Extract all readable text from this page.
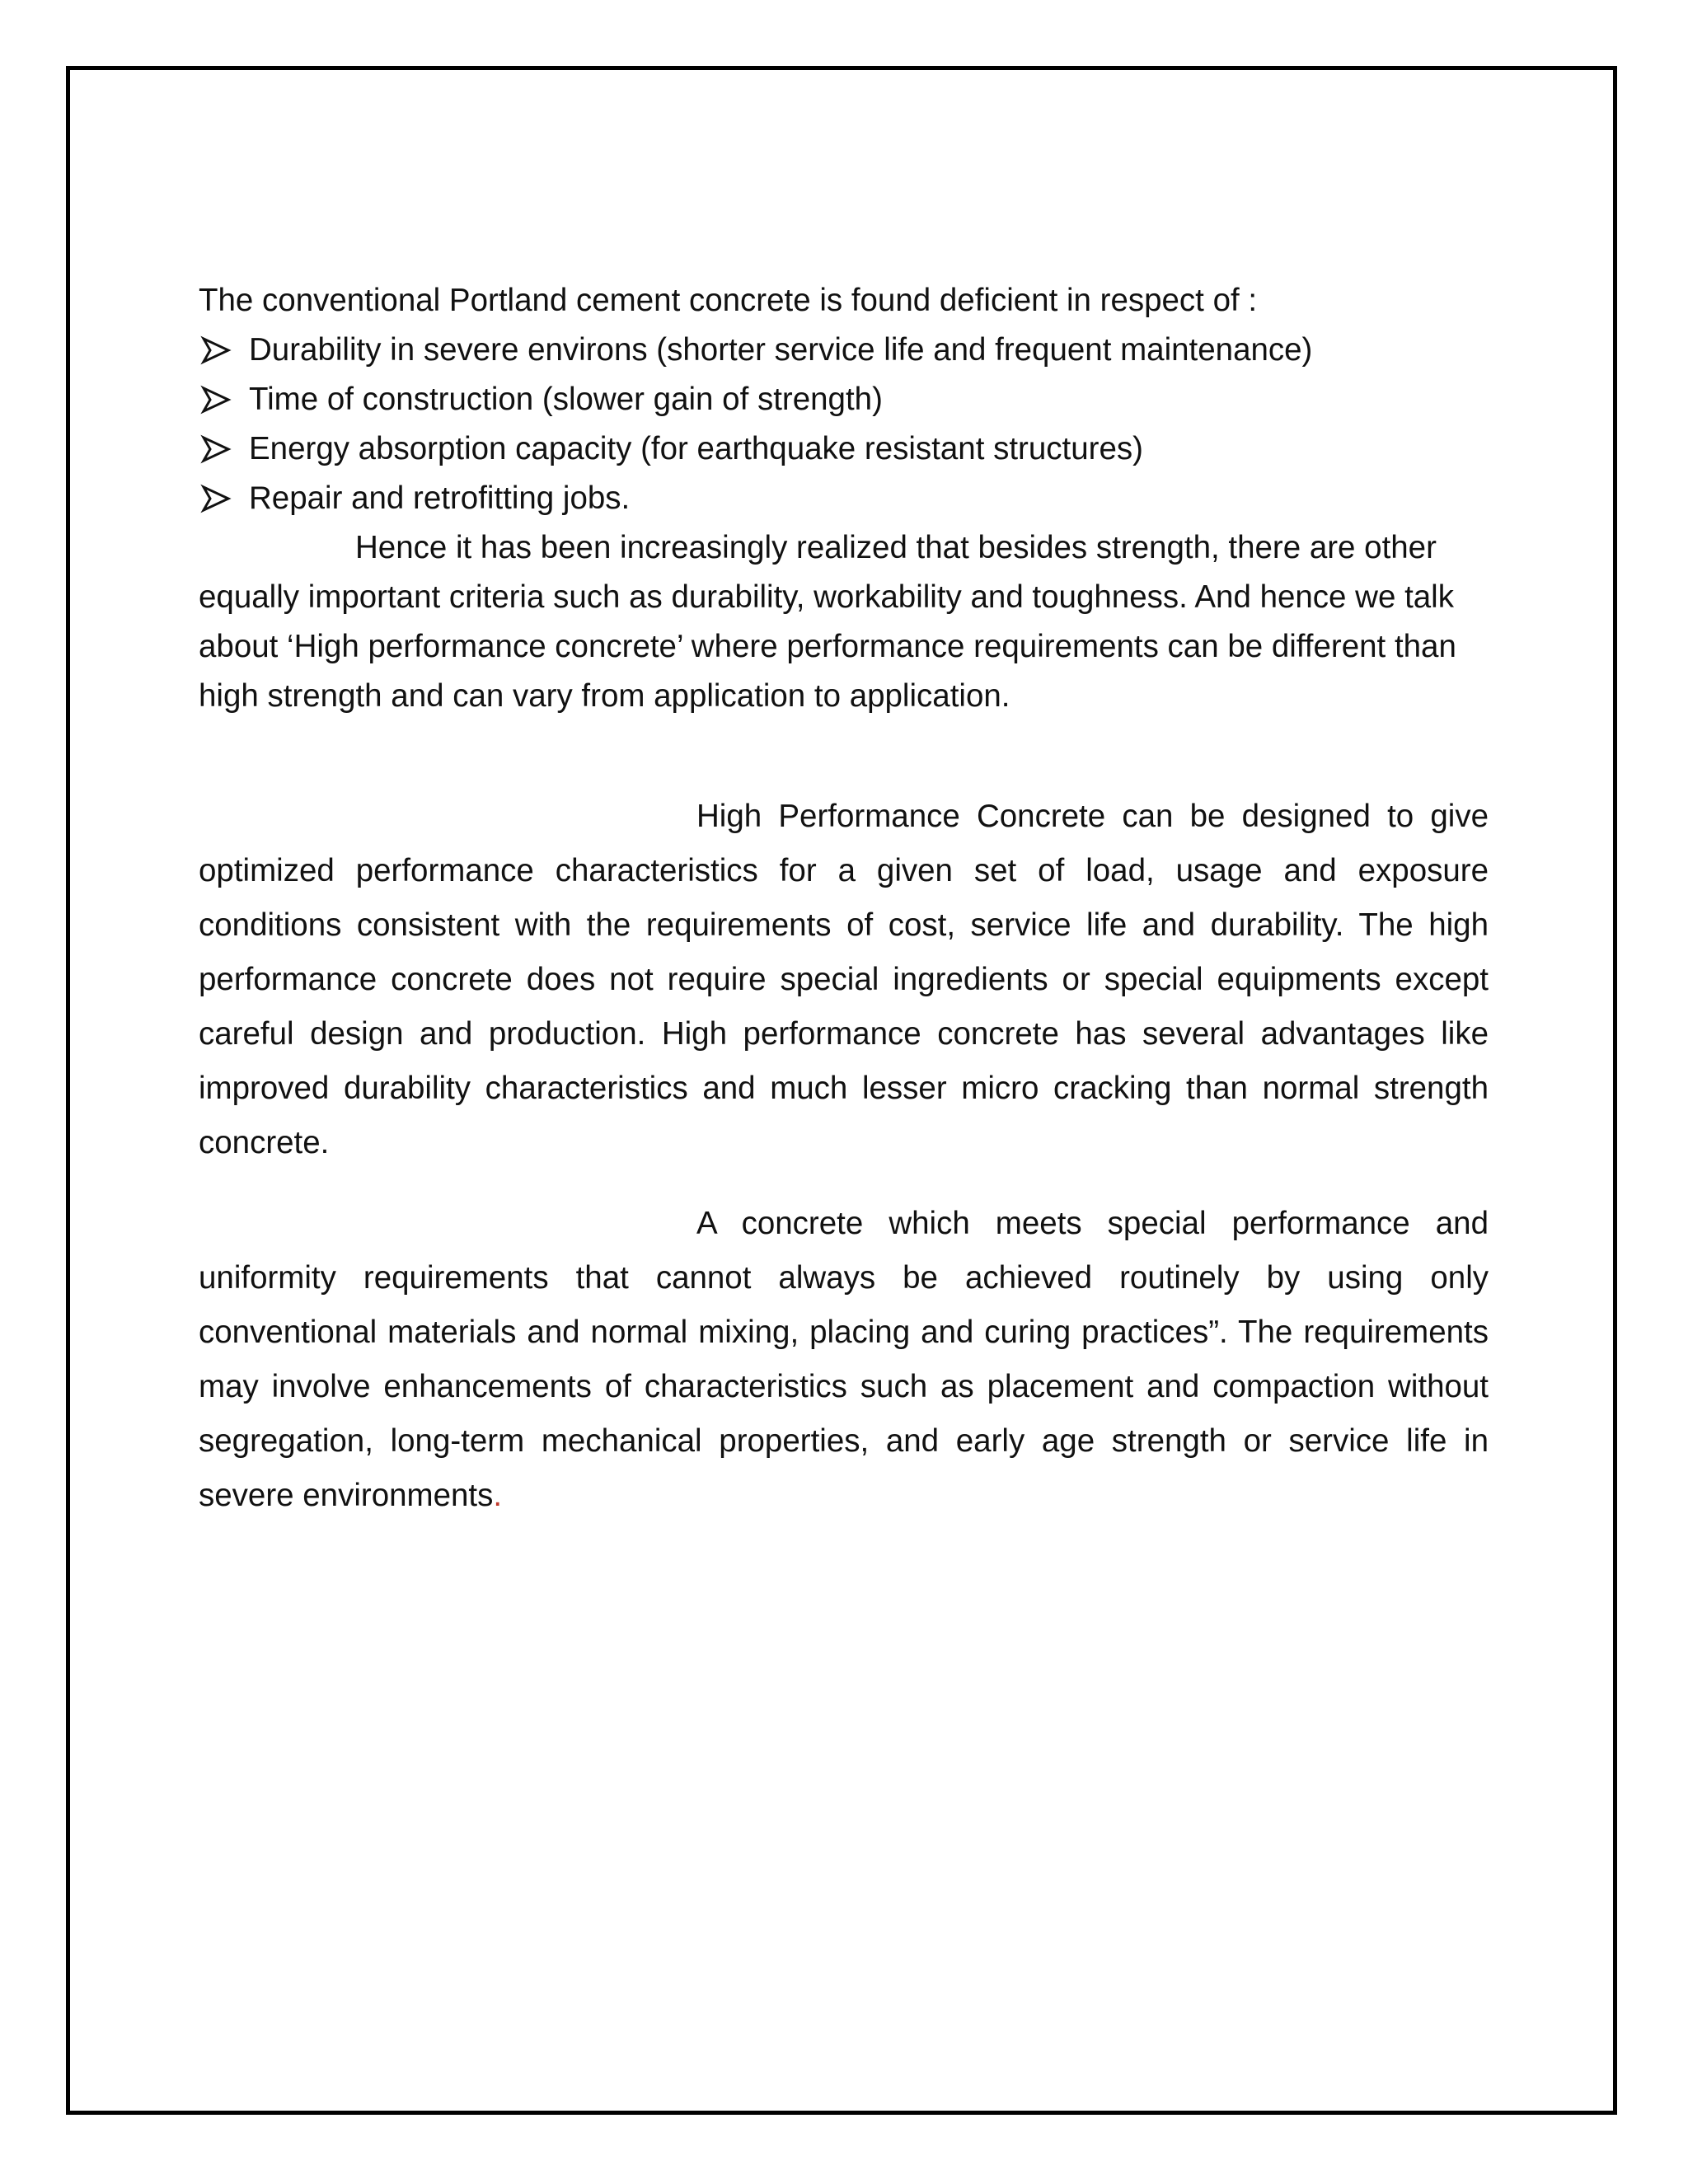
The conventional Portland cement concrete is found deficient in respect of :

Durability in severe environs (shorter service life and frequent maintenance)
Time of construction (slower gain of strength)
Energy absorption capacity (for earthquake resistant structures)
Repair and retrofitting jobs.

Hence it has been increasingly realized that besides strength, there are other equally important criteria such as durability, workability and toughness. And hence we talk about ‘High performance concrete’ where performance requirements can be different than high strength and can vary from application to application.

High Performance Concrete can be designed to give optimized performance characteristics for a given set of load, usage and exposure conditions consistent with the requirements of cost, service life and durability. The high performance concrete does not require special ingredients or special equipments except careful design and production. High performance concrete has several advantages like improved durability characteristics and much lesser micro cracking than normal strength concrete.

A concrete which meets special performance and uniformity requirements that cannot always be achieved routinely by using only conventional materials and normal mixing, placing and curing practices”. The requirements may involve enhancements of characteristics such as placement and compaction without segregation, long-term mechanical properties, and early age strength or service life in severe environments.
